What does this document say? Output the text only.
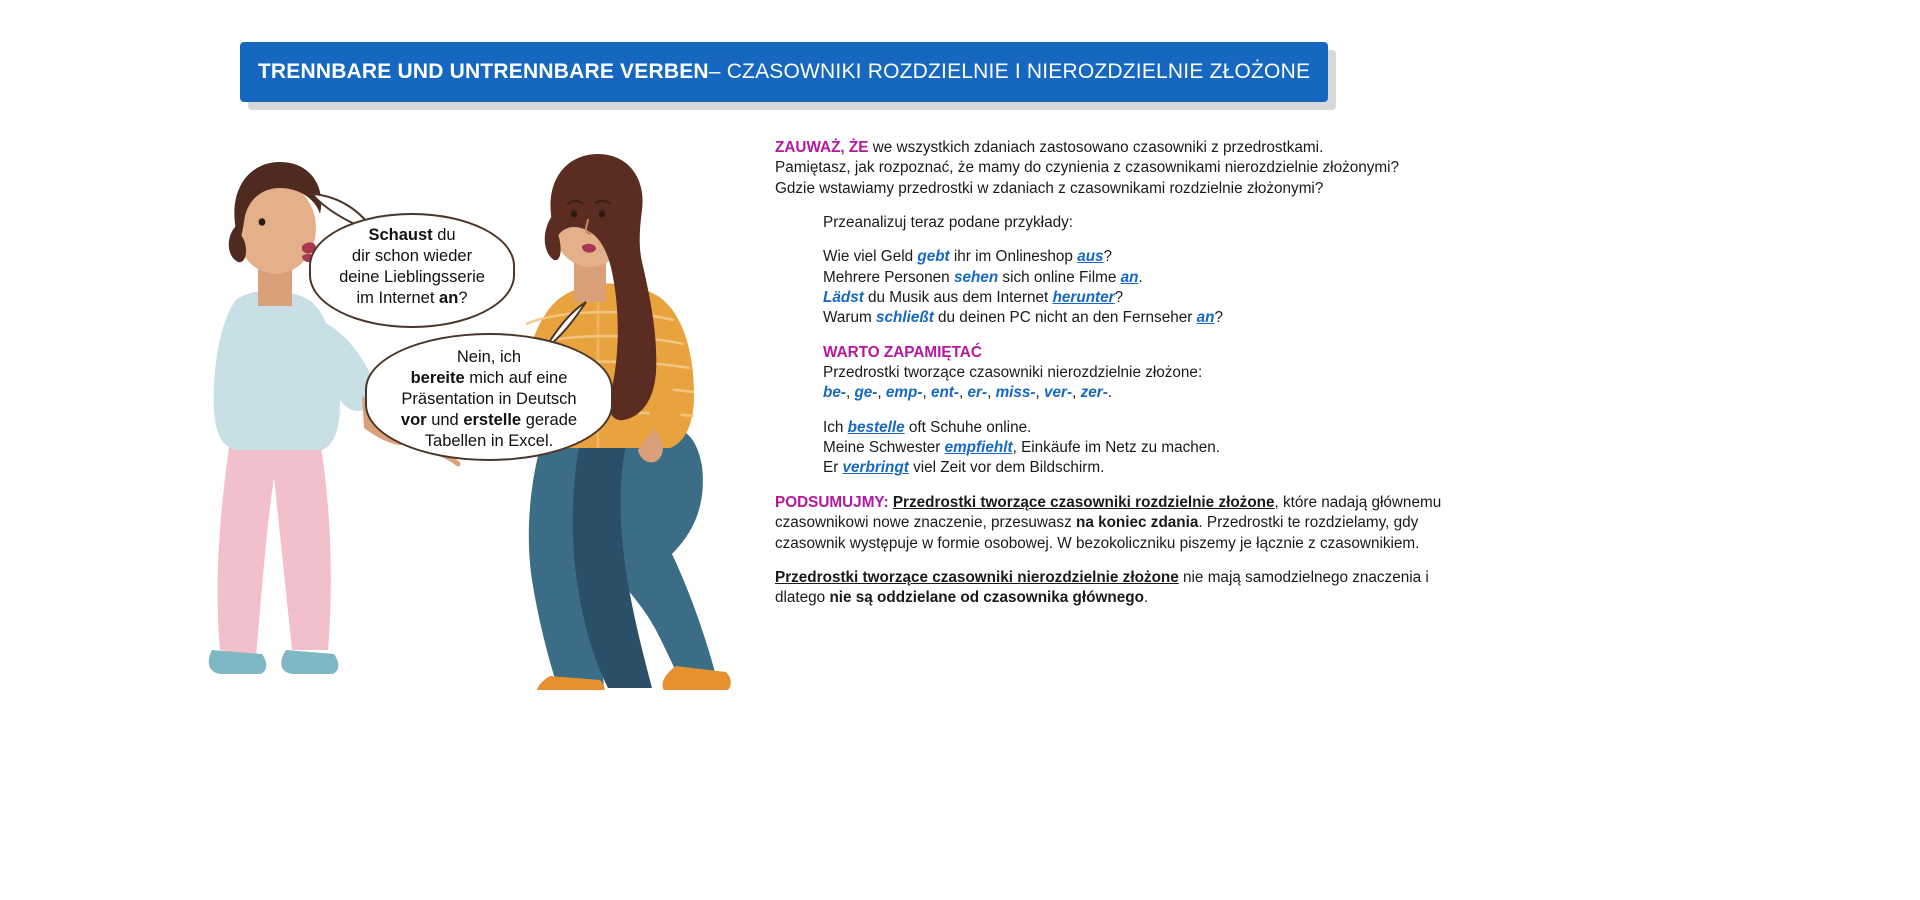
TRENNBARE UND UNTRENNBARE VERBEN – CZASOWNIKI ROZDZIELNIE I NIEROZDZIELNIE ZŁOŻONE
Schaust du
dir schon wieder
deine Lieblingsserie
im Internet an?
Nein, ich
bereite mich auf eine
Präsentation in Deutsch
vor und erstelle gerade
Tabellen in Excel.

ZAUWAŻ, ŻE we wszystkich zdaniach zastosowano czasowniki z przedrostkami.

Pamiętasz, jak rozpoznać, że mamy do czynienia z czasownikami nierozdzielnie złożonymi?

Gdzie wstawiamy przedrostki w zdaniach z czasownikami rozdzielnie złożonymi?

Przeanalizuj teraz podane przykłady:

Wie viel Geld gebt ihr im Onlineshop aus?

Mehrere Personen sehen sich online Filme an.

Lädst du Musik aus dem Internet herunter?

Warum schließt du deinen PC nicht an den Fernseher an?

WARTO ZAPAMIĘTAĆ

Przedrostki tworzące czasowniki nierozdzielnie złożone:

be-, ge-, emp-, ent-, er-, miss-, ver-, zer-.

Ich bestelle oft Schuhe online.

Meine Schwester empfiehlt, Einkäufe im Netz zu machen.

Er verbringt viel Zeit vor dem Bildschirm.

PODSUMUJMY: Przedrostki tworzące czasowniki rozdzielnie złożone, które nadają głównemu czasownikowi nowe znaczenie, przesuwasz na koniec zdania. Przedrostki te rozdzielamy, gdy czasownik występuje w formie osobowej. W bezokoliczniku piszemy je łącznie z czasownikiem.

Przedrostki tworzące czasowniki nierozdzielnie złożone nie mają samodzielnego znaczenia i dlatego nie są oddzielane od czasownika głównego.
